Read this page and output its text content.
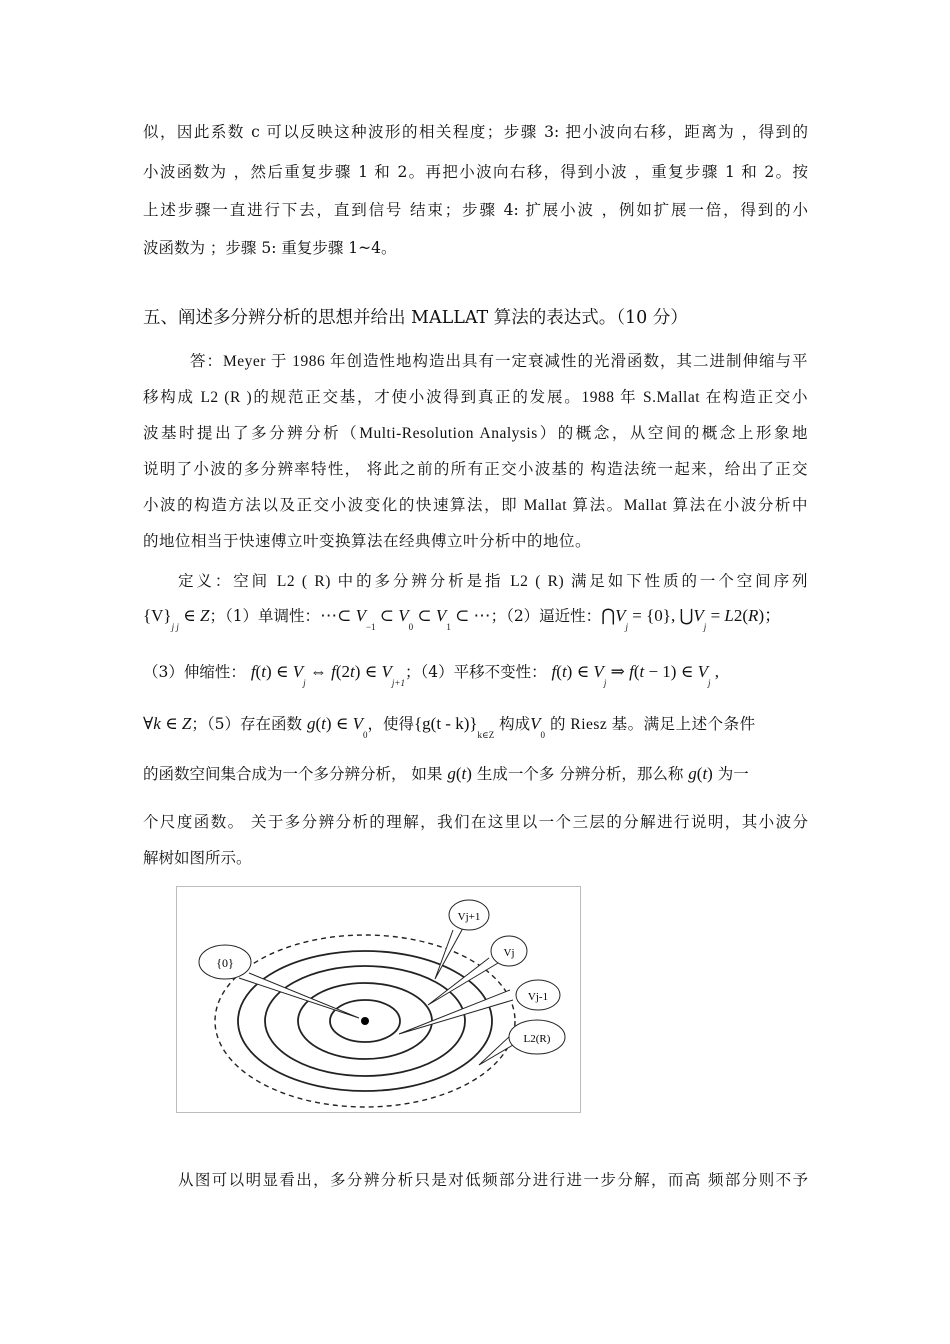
似，因此系数 c 可以反映这种波形的相关程度；步骤 3: 把小波向右移，距离为 ，得到的
小波函数为 ，然后重复步骤 1 和 2。再把小波向右移，得到小波 ，重复步骤 1 和 2。按
上述步骤一直进行下去，直到信号 结束；步骤 4: 扩展小波 ，例如扩展一倍，得到的小
波函数为 ；步骤 5: 重复步骤 1~4。
五、阐述多分辨分析的思想并给出 MALLAT 算法的表达式。（10 分）
答：Meyer 于 1986 年创造性地构造出具有一定衰减性的光滑函数，其二进制伸缩与平
移构成 L2 (R )的规范正交基，才使小波得到真正的发展。1988 年 S.Mallat 在构造正交小
波基时提出了多分辨分析（Multi-Resolution Analysis）的概念，从空间的概念上形象地
说明了小波的多分辨率特性， 将此之前的所有正交小波基的 构造法统一起来，给出了正交
小波的构造方法以及正交小波变化的快速算法，即 Mallat 算法。Mallat 算法在小波分析中
的地位相当于快速傅立叶变换算法在经典傅立叶分析中的地位。
定义：空间 L2 ( R) 中的多分辨分析是指 L2 ( R) 满足如下性质的一个空间序列
$\{V\}_{j j}$ ∈ Z；（1）单调性：⋯⊂ $V_{-1}$ ⊂ $V_0$ ⊂ $V_1$ ⊂ ⋯；（2）逼近性：$⋂V_j = \{0\}$, $⋃V_j = L2(R)$；
（3）伸缩性： f(t) ∈ $V_j$ ⇔ f(2t) ∈ $V_{j+1}$；（4）平移不变性： f(t) ∈ $V_j$ ⇒ f(t − 1) ∈ $V_j$ ,
∀k ∈ Z；（5）存在函数 g(t) ∈ $V_0$，使得$\{g(t - k)\}_{k\in Z}$ 构成$V_0$ 的 Riesz 基。满足上述个条件
的函数空间集合成为一个多分辨分析， 如果 g(t) 生成一个多 分辨分析，那么称 g(t) 为一
个尺度函数。 关于多分辨分析的理解，我们在这里以一个三层的分解进行说明，其小波分
解树如图所示。
{0}
Vj+1
Vj
Vj-1
L2(R)
从图可以明显看出，多分辨分析只是对低频部分进行进一步分解，而高 频部分则不予
